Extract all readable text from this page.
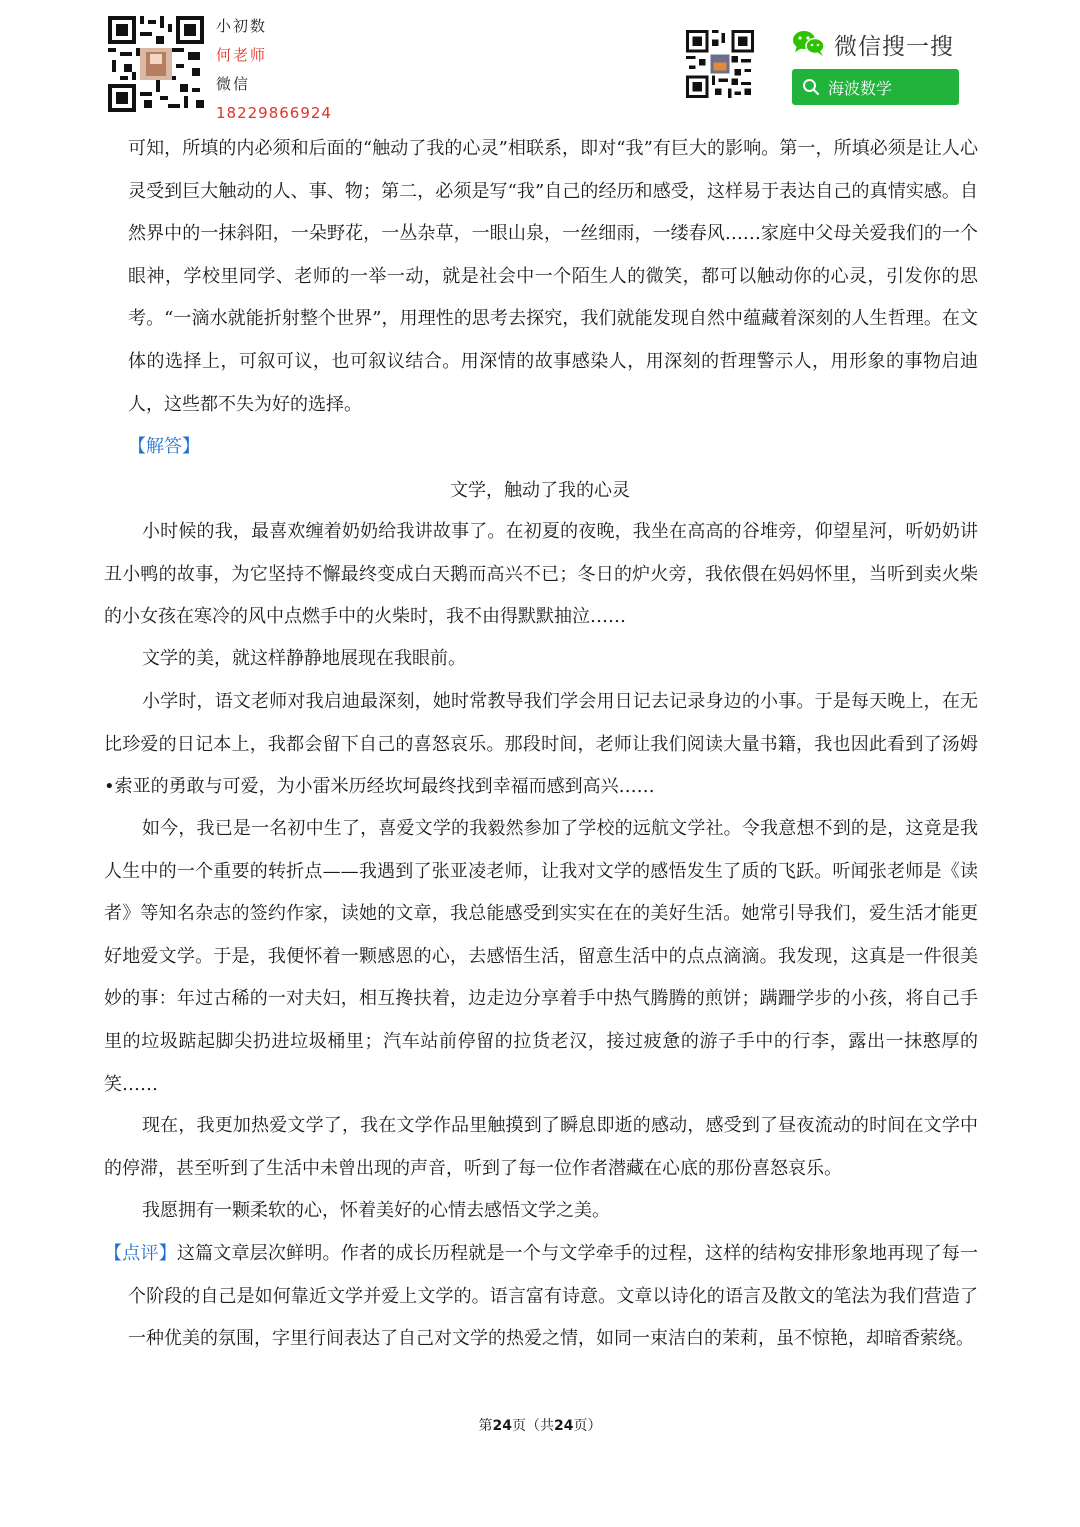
小初数
何老师
微信
18229866924
微信搜一搜
海波数学
可知，所填的内必须和后面的“触动了我的心灵”相联系，即对“我”有巨大的影响。第一，所填必须是让人心灵受到巨大触动的人、事、物；第二，必须是写“我”自己的经历和感受，这样易于表达自己的真情实感。自然界中的一抹斜阳，一朵野花，一丛杂草，一眼山泉，一丝细雨，一缕春风……家庭中父母关爱我们的一个眼神，学校里同学、老师的一举一动，就是社会中一个陌生人的微笑，都可以触动你的心灵，引发你的思考。“一滴水就能折射整个世界”，用理性的思考去探究，我们就能发现自然中蕴藏着深刻的人生哲理。在文体的选择上，可叙可议，也可叙议结合。用深情的故事感染人，用深刻的哲理警示人，用形象的事物启迪人，这些都不失为好的选择。
【解答】
文学，触动了我的心灵
小时候的我，最喜欢缠着奶奶给我讲故事了。在初夏的夜晚，我坐在高高的谷堆旁，仰望星河，听奶奶讲丑小鸭的故事，为它坚持不懈最终变成白天鹅而高兴不已；冬日的炉火旁，我依偎在妈妈怀里，当听到卖火柴的小女孩在寒冷的风中点燃手中的火柴时，我不由得默默抽泣……
文学的美，就这样静静地展现在我眼前。
小学时，语文老师对我启迪最深刻，她时常教导我们学会用日记去记录身边的小事。于是每天晚上，在无比珍爱的日记本上，我都会留下自己的喜怒哀乐。那段时间，老师让我们阅读大量书籍，我也因此看到了汤姆•索亚的勇敢与可爱，为小雷米历经坎坷最终找到幸福而感到高兴……
如今，我已是一名初中生了，喜爱文学的我毅然参加了学校的远航文学社。令我意想不到的是，这竟是我人生中的一个重要的转折点——我遇到了张亚凌老师，让我对文学的感悟发生了质的飞跃。听闻张老师是《读者》等知名杂志的签约作家，读她的文章，我总能感受到实实在在的美好生活。她常引导我们，爱生活才能更好地爱文学。于是，我便怀着一颗感恩的心，去感悟生活，留意生活中的点点滴滴。我发现，这真是一件很美妙的事：年过古稀的一对夫妇，相互搀扶着，边走边分享着手中热气腾腾的煎饼；蹒跚学步的小孩，将自己手里的垃圾踮起脚尖扔进垃圾桶里；汽车站前停留的拉货老汉，接过疲惫的游子手中的行李，露出一抹憨厚的笑……
现在，我更加热爱文学了，我在文学作品里触摸到了瞬息即逝的感动，感受到了昼夜流动的时间在文学中的停滞，甚至听到了生活中未曾出现的声音，听到了每一位作者潜藏在心底的那份喜怒哀乐。
我愿拥有一颗柔软的心，怀着美好的心情去感悟文学之美。
【点评】这篇文章层次鲜明。作者的成长历程就是一个与文学牵手的过程，这样的结构安排形象地再现了每一个阶段的自己是如何靠近文学并爱上文学的。语言富有诗意。文章以诗化的语言及散文的笔法为我们营造了一种优美的氛围，字里行间表达了自己对文学的热爱之情，如同一束洁白的茉莉，虽不惊艳，却暗香萦绕。
第24页（共24页）
